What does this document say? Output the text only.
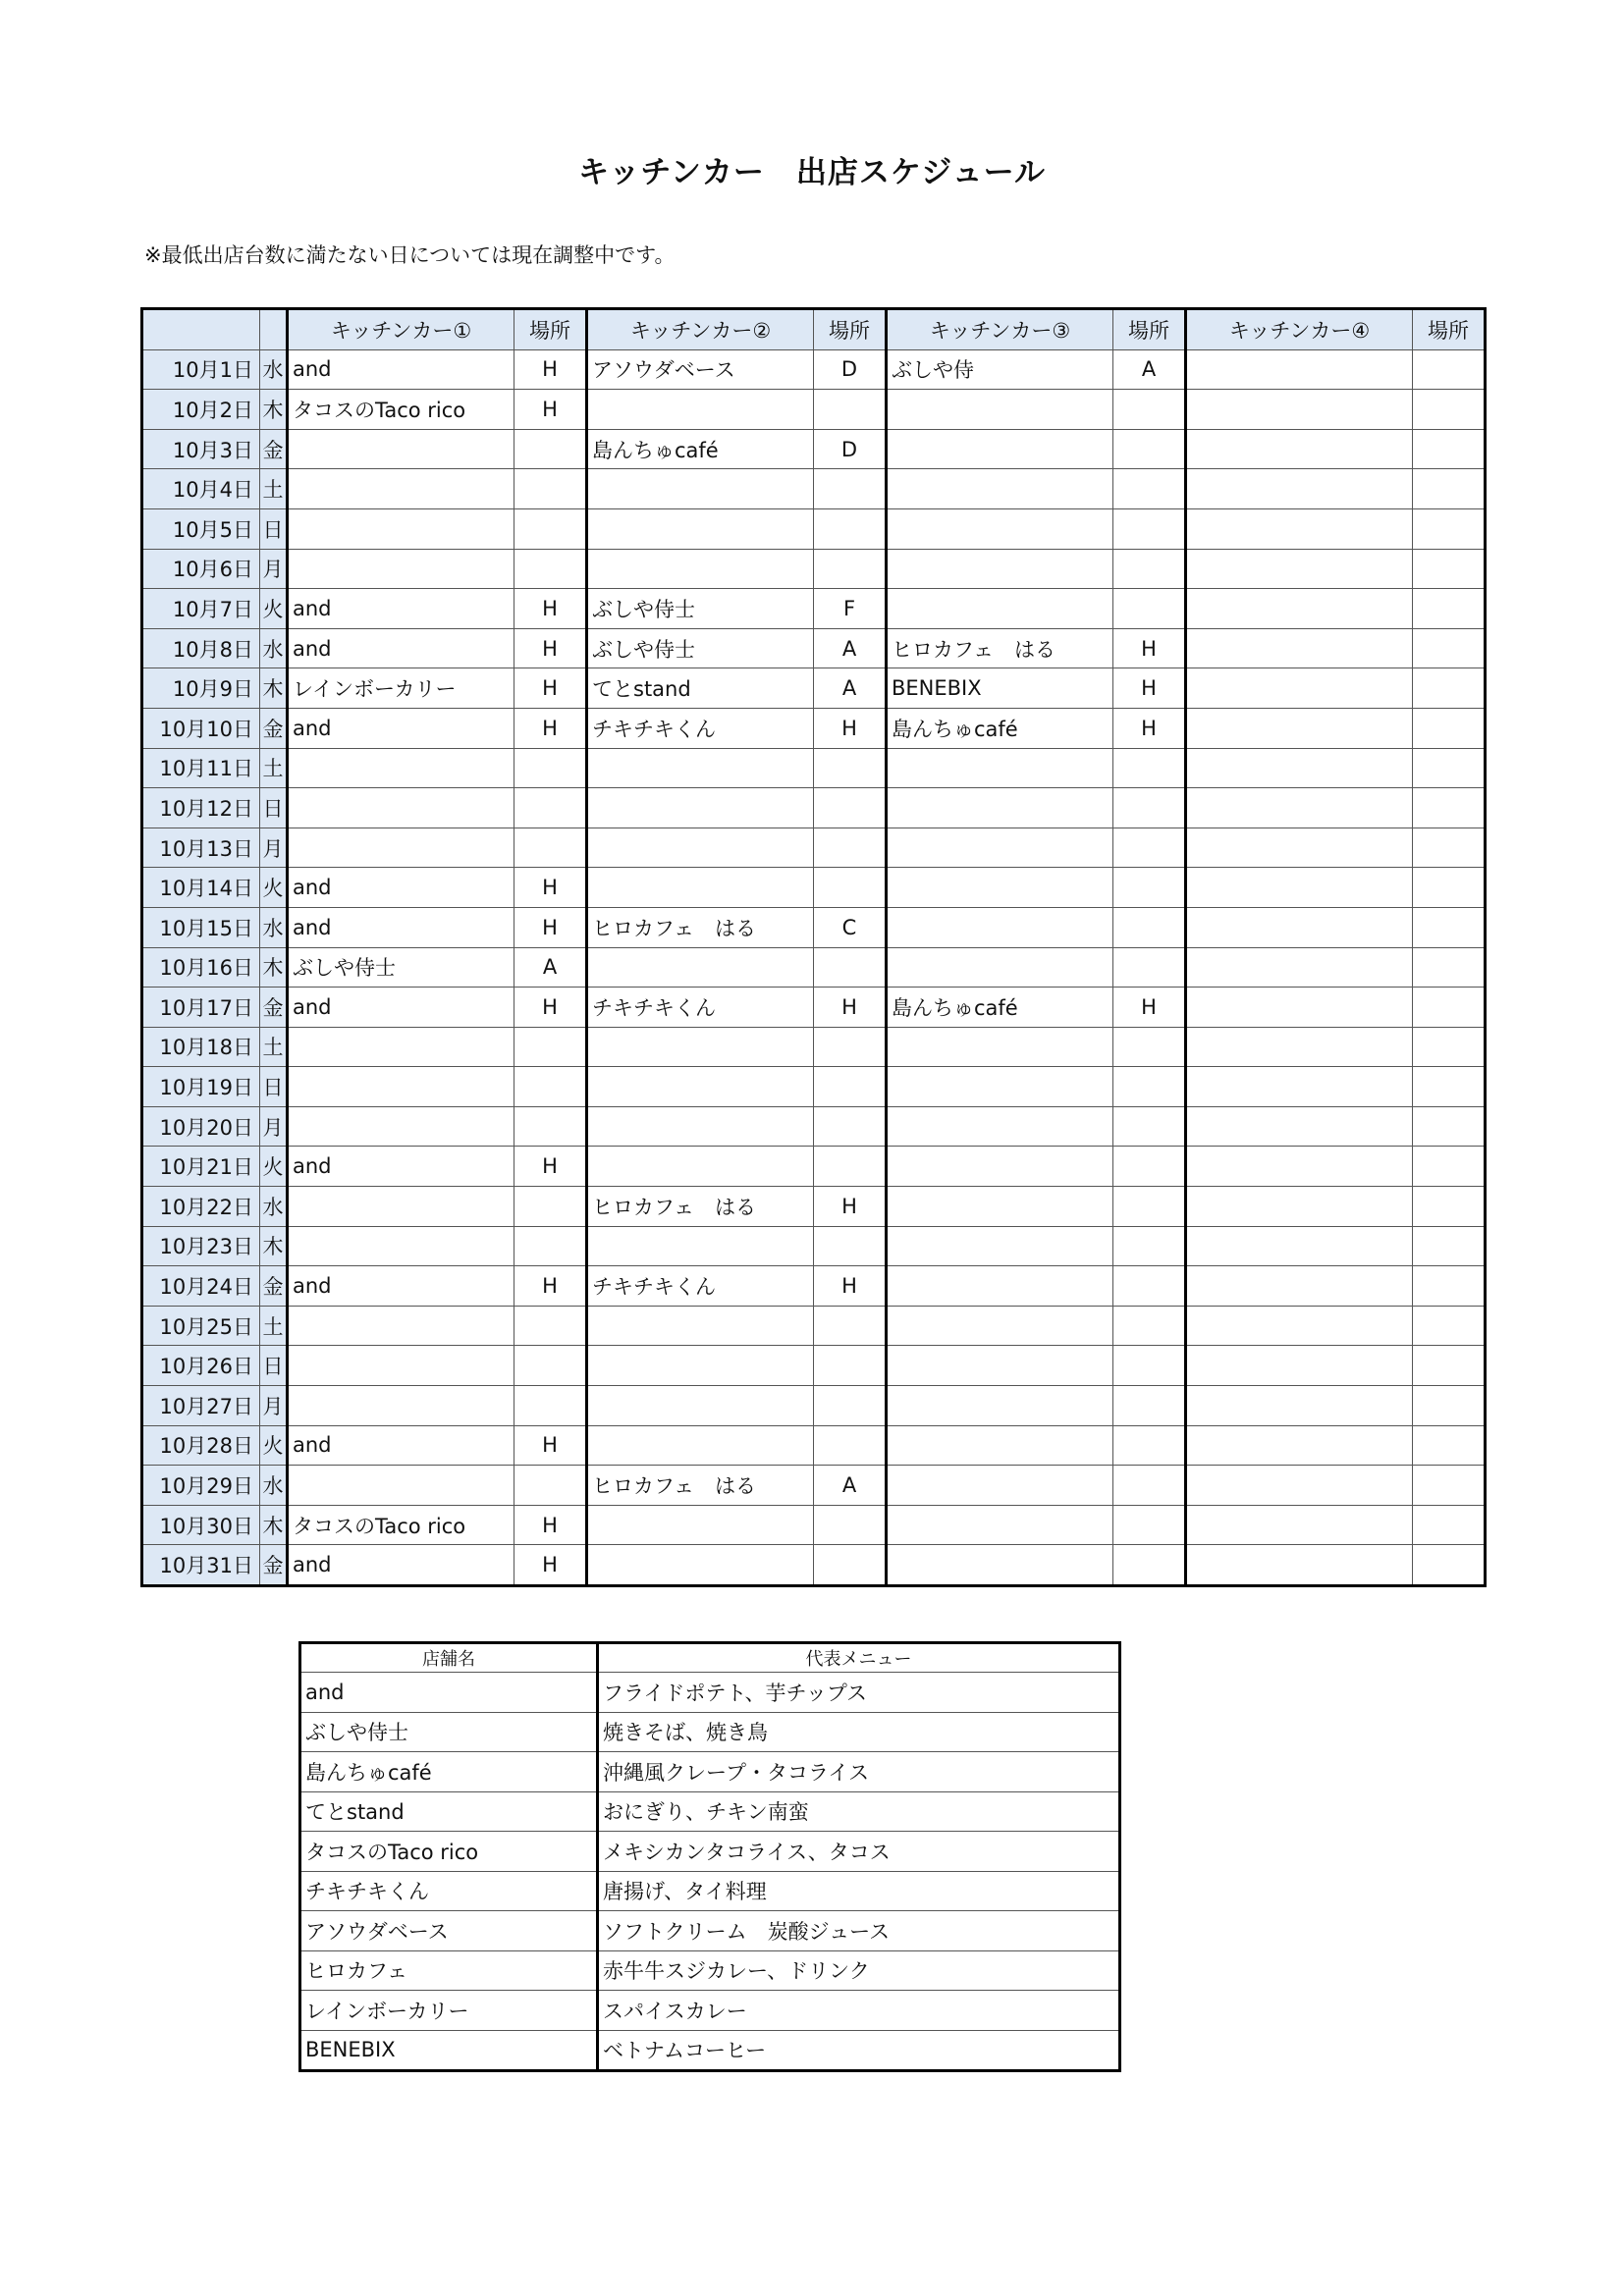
キッチンカー　出店スケジュール
※最低出店台数に満たない日については現在調整中です。
		キッチンカー①	場所	キッチンカー②	場所	キッチンカー③	場所	キッチンカー④	場所
10月1日	水	and	H	アソウダベース	D	ぶしや侍	A		
10月2日	木	タコスのTaco rico	H						
10月3日	金			島んちゅcafé	D				
10月4日	土								
10月5日	日								
10月6日	月								
10月7日	火	and	H	ぶしや侍士	F				
10月8日	水	and	H	ぶしや侍士	A	ヒロカフェ　はる	H		
10月9日	木	レインボーカリー	H	てとstand	A	BENEBIX	H		
10月10日	金	and	H	チキチキくん	H	島んちゅcafé	H		
10月11日	土								
10月12日	日								
10月13日	月								
10月14日	火	and	H						
10月15日	水	and	H	ヒロカフェ　はる	C				
10月16日	木	ぶしや侍士	A						
10月17日	金	and	H	チキチキくん	H	島んちゅcafé	H		
10月18日	土								
10月19日	日								
10月20日	月								
10月21日	火	and	H						
10月22日	水			ヒロカフェ　はる	H				
10月23日	木								
10月24日	金	and	H	チキチキくん	H				
10月25日	土								
10月26日	日								
10月27日	月								
10月28日	火	and	H						
10月29日	水			ヒロカフェ　はる	A				
10月30日	木	タコスのTaco rico	H						
10月31日	金	and	H						
店舗名	代表メニュー
and	フライドポテト、芋チップス
ぶしや侍士	焼きそば、焼き鳥
島んちゅcafé	沖縄風クレープ・タコライス
てとstand	おにぎり、チキン南蛮
タコスのTaco rico	メキシカンタコライス、タコス
チキチキくん	唐揚げ、タイ料理
アソウダベース	ソフトクリーム　炭酸ジュース
ヒロカフェ	赤牛牛スジカレー、ドリンク
レインボーカリー	スパイスカレー
BENEBIX	ベトナムコーヒー
